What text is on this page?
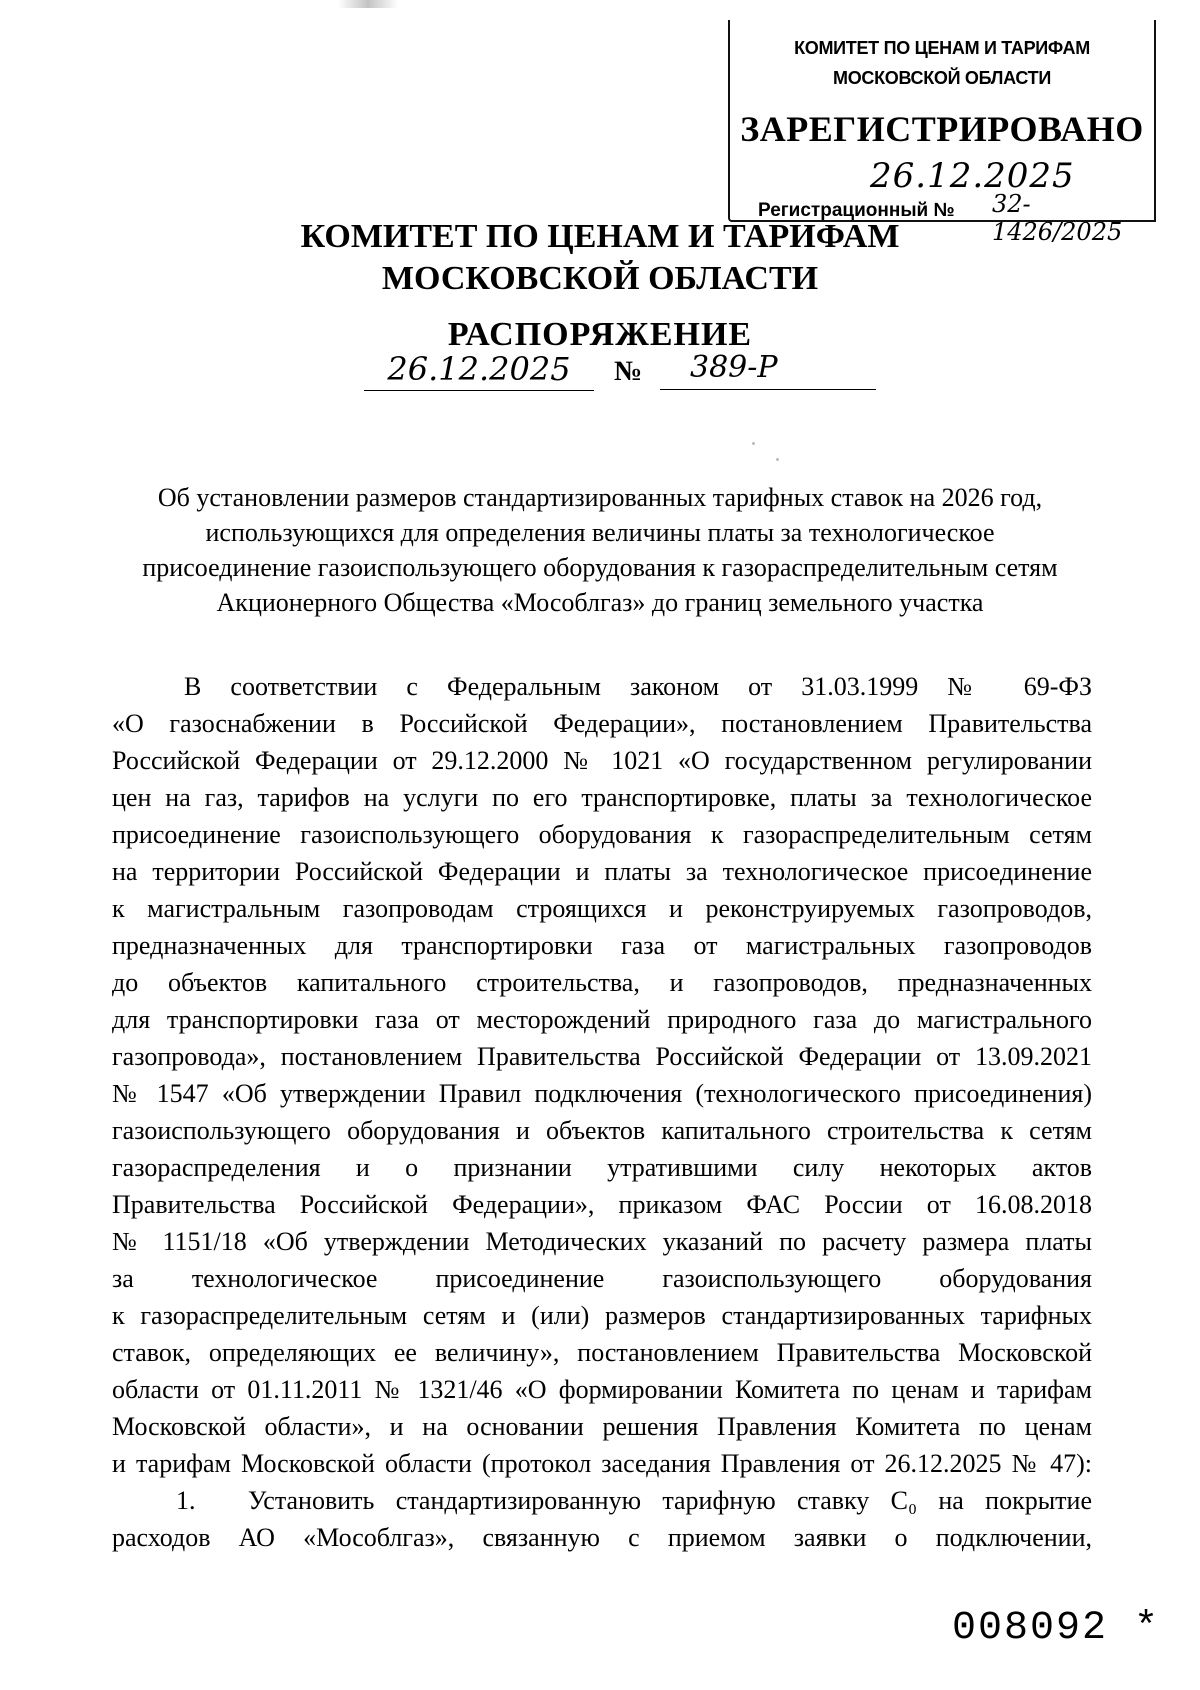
КОМИТЕТ ПО ЦЕНАМ И ТАРИФАМ
МОСКОВСКОЙ ОБЛАСТИ
ЗАРЕГИСТРИРОВАНО
26.12.2025
Регистрационный № 32-1426/2025
КОМИТЕТ ПО ЦЕНАМ И ТАРИФАМ
МОСКОВСКОЙ ОБЛАСТИ
РАСПОРЯЖЕНИЕ
26.12.2025	№	389-Р
Об установлении размеров стандартизированных тарифных ставок на 2026 год,
использующихся для определения величины платы за технологическое
присоединение газоиспользующего оборудования к газораспределительным сетям
Акционерного Общества «Мособлгаз» до границ земельного участка
В соответствии с Федеральным законом от 31.03.1999 № 69-ФЗ
«О газоснабжении в Российской Федерации», постановлением Правительства
Российской Федерации от 29.12.2000 № 1021 «О государственном регулировании
цен на газ, тарифов на услуги по его транспортировке, платы за технологическое
присоединение газоиспользующего оборудования к газораспределительным сетям
на территории Российской Федерации и платы за технологическое присоединение
к магистральным газопроводам строящихся и реконструируемых газопроводов,
предназначенных для транспортировки газа от магистральных газопроводов
до объектов капитального строительства, и газопроводов, предназначенных
для транспортировки газа от месторождений природного газа до магистрального
газопровода», постановлением Правительства Российской Федерации от 13.09.2021
№ 1547 «Об утверждении Правил подключения (технологического присоединения)
газоиспользующего оборудования и объектов капитального строительства к сетям
газораспределения и о признании утратившими силу некоторых актов
Правительства Российской Федерации», приказом ФАС России от 16.08.2018
№ 1151/18 «Об утверждении Методических указаний по расчету размера платы
за технологическое присоединение газоиспользующего оборудования
к газораспределительным сетям и (или) размеров стандартизированных тарифных
ставок, определяющих ее величину», постановлением Правительства Московской
области от 01.11.2011 № 1321/46 «О формировании Комитета по ценам и тарифам
Московской области», и на основании решения Правления Комитета по ценам
и тарифам Московской области (протокол заседания Правления от 26.12.2025 № 47):
1. Установить стандартизированную тарифную ставку С₀ на покрытие
расходов АО «Мособлгаз», связанную с приемом заявки о подключении,
008092 *
